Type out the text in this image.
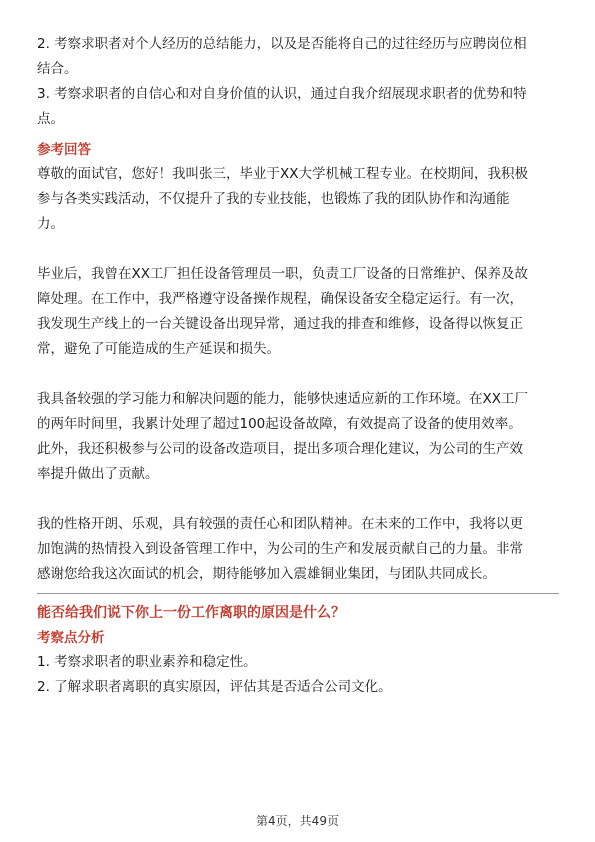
2. 考察求职者对个人经历的总结能力，以及是否能将自己的过往经历与应聘岗位相

结合。

3. 考察求职者的自信心和对自身价值的认识，通过自我介绍展现求职者的优势和特

点。

参考回答

尊敬的面试官，您好！我叫张三，毕业于XX大学机械工程专业。在校期间，我积极

参与各类实践活动，不仅提升了我的专业技能，也锻炼了我的团队协作和沟通能

力。

毕业后，我曾在XX工厂担任设备管理员一职，负责工厂设备的日常维护、保养及故

障处理。在工作中，我严格遵守设备操作规程，确保设备安全稳定运行。有一次，

我发现生产线上的一台关键设备出现异常，通过我的排查和维修，设备得以恢复正

常，避免了可能造成的生产延误和损失。

我具备较强的学习能力和解决问题的能力，能够快速适应新的工作环境。在XX工厂

的两年时间里，我累计处理了超过100起设备故障，有效提高了设备的使用效率。

此外，我还积极参与公司的设备改造项目，提出多项合理化建议，为公司的生产效

率提升做出了贡献。

我的性格开朗、乐观，具有较强的责任心和团队精神。在未来的工作中，我将以更

加饱满的热情投入到设备管理工作中，为公司的生产和发展贡献自己的力量。非常

感谢您给我这次面试的机会，期待能够加入震雄铜业集团，与团队共同成长。

能否给我们说下你上一份工作离职的原因是什么？

考察点分析

1. 考察求职者的职业素养和稳定性。

2. 了解求职者离职的真实原因，评估其是否适合公司文化。

第4页，共49页
